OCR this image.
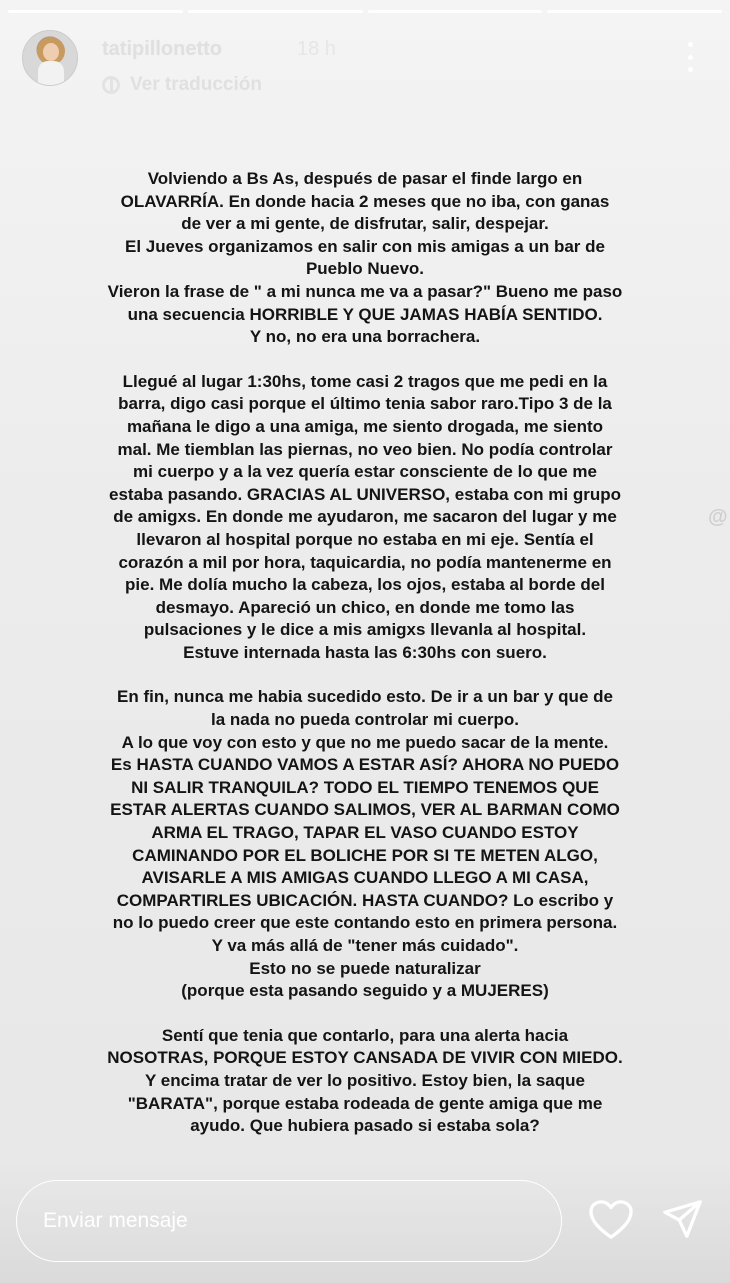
tatipillonetto	18 h
Ver traducción
Volviendo a Bs As, después de pasar el finde largo en
OLAVARRÍA. En donde hacia 2 meses que no iba, con ganas
de ver a mi gente, de disfrutar, salir, despejar.
El Jueves organizamos en salir con mis amigas a un bar de
Pueblo Nuevo.
Vieron la frase de " a mi nunca me va a pasar?" Bueno me paso
una secuencia HORRIBLE Y QUE JAMAS HABÍA SENTIDO.
Y no, no era una borrachera.
Llegué al lugar 1:30hs, tome casi 2 tragos que me pedi en la
barra, digo casi porque el último tenia sabor raro.Tipo 3 de la
mañana le digo a una amiga, me siento drogada, me siento
mal. Me tiemblan las piernas, no veo bien. No podía controlar
mi cuerpo y a la vez quería estar consciente de lo que me
estaba pasando. GRACIAS AL UNIVERSO, estaba con mi grupo
de amigxs. En donde me ayudaron, me sacaron del lugar y me
llevaron al hospital porque no estaba en mi eje. Sentía el
corazón a mil por hora, taquicardia, no podía mantenerme en
pie. Me dolía mucho la cabeza, los ojos, estaba al borde del
desmayo. Apareció un chico, en donde me tomo las
pulsaciones y le dice a mis amigxs llevanla al hospital.
Estuve internada hasta las 6:30hs con suero.
En fin, nunca me habia sucedido esto. De ir a un bar y que de
la nada no pueda controlar mi cuerpo.
A lo que voy con esto y que no me puedo sacar de la mente.
Es HASTA CUANDO VAMOS A ESTAR ASÍ? AHORA NO PUEDO
NI SALIR TRANQUILA? TODO EL TIEMPO TENEMOS QUE
ESTAR ALERTAS CUANDO SALIMOS, VER AL BARMAN COMO
ARMA EL TRAGO, TAPAR EL VASO CUANDO ESTOY
CAMINANDO POR EL BOLICHE POR SI TE METEN ALGO,
AVISARLE A MIS AMIGAS CUANDO LLEGO A MI CASA,
COMPARTIRLES UBICACIÓN. HASTA CUANDO? Lo escribo y
no lo puedo creer que este contando esto en primera persona.
Y va más allá de "tener más cuidado".
Esto no se puede naturalizar
(porque esta pasando seguido y a MUJERES)
Sentí que tenia que contarlo, para una alerta hacia
NOSOTRAS, PORQUE ESTOY CANSADA DE VIVIR CON MIEDO.
Y encima tratar de ver lo positivo. Estoy bien, la saque
"BARATA", porque estaba rodeada de gente amiga que me
ayudo. Que hubiera pasado si estaba sola?
@
Enviar mensaje
